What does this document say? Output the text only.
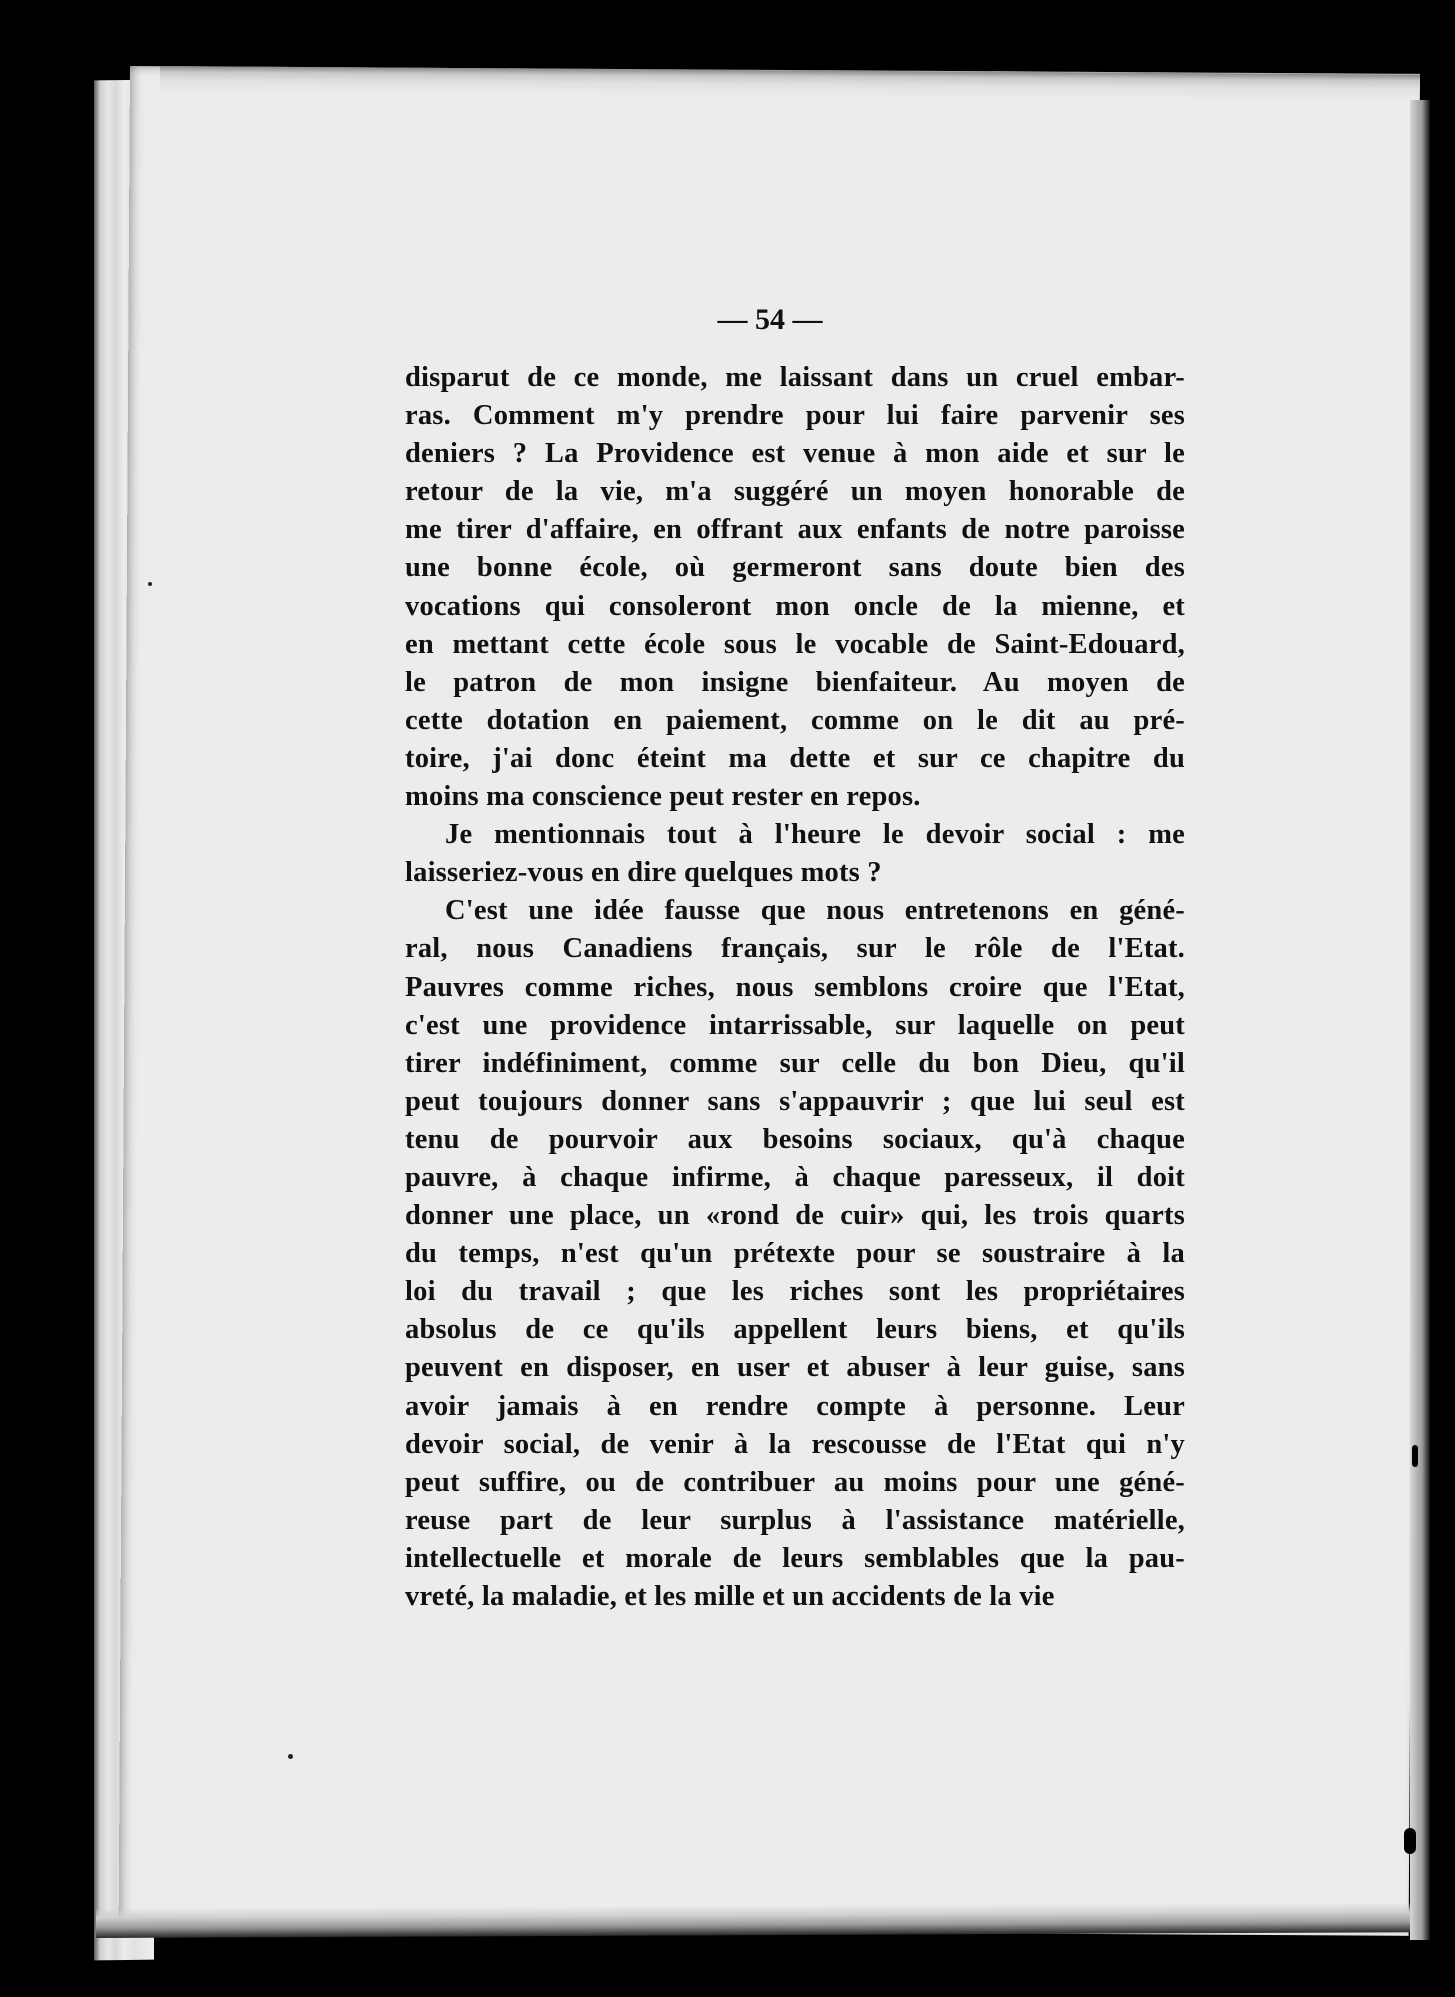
— 54 —
disparut de ce monde, me laissant dans un cruel embar-
ras. Comment m'y prendre pour lui faire parvenir ses
deniers ? La Providence est venue à mon aide et sur le
retour de la vie, m'a suggéré un moyen honorable de
me tirer d'affaire, en offrant aux enfants de notre paroisse
une bonne école, où germeront sans doute bien des
vocations qui consoleront mon oncle de la mienne, et
en mettant cette école sous le vocable de Saint-Edouard,
le patron de mon insigne bienfaiteur. Au moyen de
cette dotation en paiement, comme on le dit au pré-
toire, j'ai donc éteint ma dette et sur ce chapitre du
moins ma conscience peut rester en repos.
Je mentionnais tout à l'heure le devoir social : me
laisseriez-vous en dire quelques mots ?
C'est une idée fausse que nous entretenons en géné-
ral, nous Canadiens français, sur le rôle de l'Etat.
Pauvres comme riches, nous semblons croire que l'Etat,
c'est une providence intarrissable, sur laquelle on peut
tirer indéfiniment, comme sur celle du bon Dieu, qu'il
peut toujours donner sans s'appauvrir ; que lui seul est
tenu de pourvoir aux besoins sociaux, qu'à chaque
pauvre, à chaque infirme, à chaque paresseux, il doit
donner une place, un «rond de cuir» qui, les trois quarts
du temps, n'est qu'un prétexte pour se soustraire à la
loi du travail ; que les riches sont les propriétaires
absolus de ce qu'ils appellent leurs biens, et qu'ils
peuvent en disposer, en user et abuser à leur guise, sans
avoir jamais à en rendre compte à personne. Leur
devoir social, de venir à la rescousse de l'Etat qui n'y
peut suffire, ou de contribuer au moins pour une géné-
reuse part de leur surplus à l'assistance matérielle,
intellectuelle et morale de leurs semblables que la pau-
vreté, la maladie, et les mille et un accidents de la vie
